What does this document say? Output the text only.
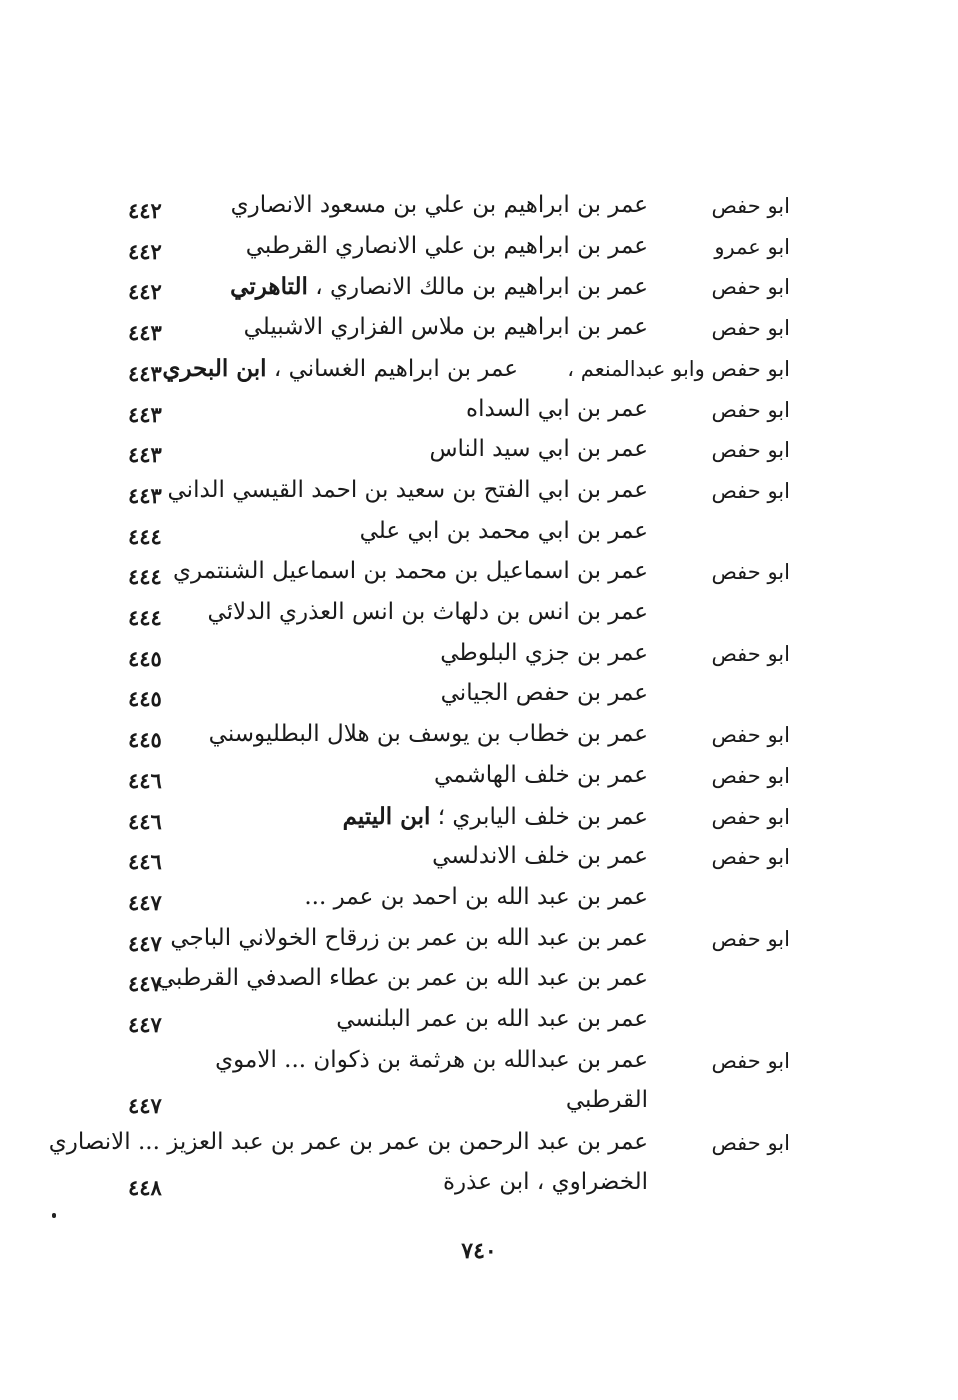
ابو حفص
عمر بن ابراهيم بن علي بن مسعود الانصاري
٤٤٢
ابو عمرو
عمر بن ابراهيم بن علي الانصاري القرطبي
٤٤٢
ابو حفص
عمر بن ابراهيم بن مالك الانصاري ، التاهرتي
٤٤٢
ابو حفص
عمر بن ابراهيم بن ملاس الفزاري الاشبيلي
٤٤٣
ابو حفص وابو عبدالمنعم ،
عمر بن ابراهيم الغساني ، ابن البحري
٤٤٣
ابو حفص
عمر بن ابي السداه
٤٤٣
ابو حفص
عمر بن ابي سيد الناس
٤٤٣
ابو حفص
عمر بن ابي الفتح بن سعيد بن احمد القيسي الداني
٤٤٣
عمر بن ابي محمد بن ابي علي
٤٤٤
ابو حفص
عمر بن اسماعيل بن محمد بن اسماعيل الشنتمري
٤٤٤
عمر بن انس بن دلهاث بن انس العذري الدلائي
٤٤٤
ابو حفص
عمر بن جزي البلوطي
٤٤٥
عمر بن حفص الجياني
٤٤٥
ابو حفص
عمر بن خطاب بن يوسف بن هلال البطليوسني
٤٤٥
ابو حفص
عمر بن خلف الهاشمي
٤٤٦
ابو حفص
عمر بن خلف اليابري ؛ ابن اليتيم
٤٤٦
ابو حفص
عمر بن خلف الاندلسي
٤٤٦
عمر بن عبد الله بن احمد بن عمر ...
٤٤٧
ابو حفص
عمر بن عبد الله بن عمر بن زرقاح الخولاني الباجي
٤٤٧
عمر بن عبد الله بن عمر بن عطاء الصدفي القرطبي
٤٤٧
عمر بن عبد الله بن عمر البلنسي
٤٤٧
ابو حفص
عمر بن عبدالله بن هرثمة بن ذكوان ... الاموي
القرطبي
٤٤٧
ابو حفص
عمر بن عبد الرحمن بن عمر بن عمر بن عبد العزيز ... الانصاري
الخضراوي ، ابن عذرة
٤٤٨
٧٤٠
